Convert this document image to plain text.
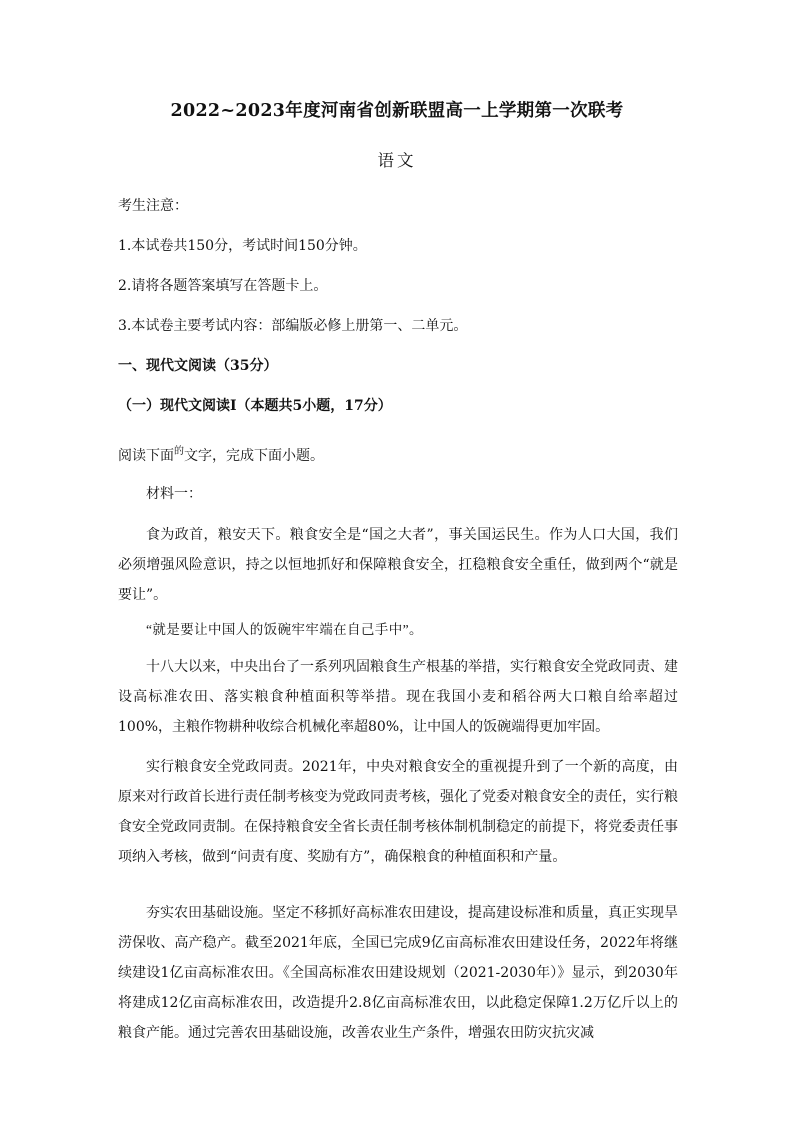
2022~2023年度河南省创新联盟高一上学期第一次联考
语文
考生注意：
1.本试卷共150分，考试时间150分钟。
2.请将各题答案填写在答题卡上。
3.本试卷主要考试内容：部编版必修上册第一、二单元。
一、现代文阅读（35分）
（一）现代文阅读Ⅰ（本题共5小题，17分）
阅读下面$^的$文字，完成下面小题。
材料一：
食为政首，粮安天下。粮食安全是“国之大者”，事关国运民生。作为人口大国，我们必须增强风险意识，持之以恒地抓好和保障粮食安全，扛稳粮食安全重任，做到两个“就是要让”。
“就是要让中国人的饭碗牢牢端在自己手中”。
十八大以来，中央出台了一系列巩固粮食生产根基的举措，实行粮食安全党政同责、建设高标准农田、落实粮食种植面积等举措。现在我国小麦和稻谷两大口粮自给率超过100%，主粮作物耕种收综合机械化率超80%，让中国人的饭碗端得更加牢固。
实行粮食安全党政同责。2021年，中央对粮食安全的重视提升到了一个新的高度，由原来对行政首长进行责任制考核变为党政同责考核，强化了党委对粮食安全的责任，实行粮食安全党政同责制。在保持粮食安全省长责任制考核体制机制稳定的前提下，将党委责任事项纳入考核，做到“问责有度、奖励有方”，确保粮食的种植面积和产量。
夯实农田基础设施。坚定不移抓好高标准农田建设，提高建设标准和质量，真正实现旱涝保收、高产稳产。截至2021年底，全国已完成9亿亩高标准农田建设任务，2022年将继续建设1亿亩高标准农田。《全国高标准农田建设规划（2021-2030年）》显示，到2030年将建成12亿亩高标准农田，改造提升2.8亿亩高标准农田，以此稳定保障1.2万亿斤以上的粮食产能。通过完善农田基础设施，改善农业生产条件，增强农田防灾抗灾减
